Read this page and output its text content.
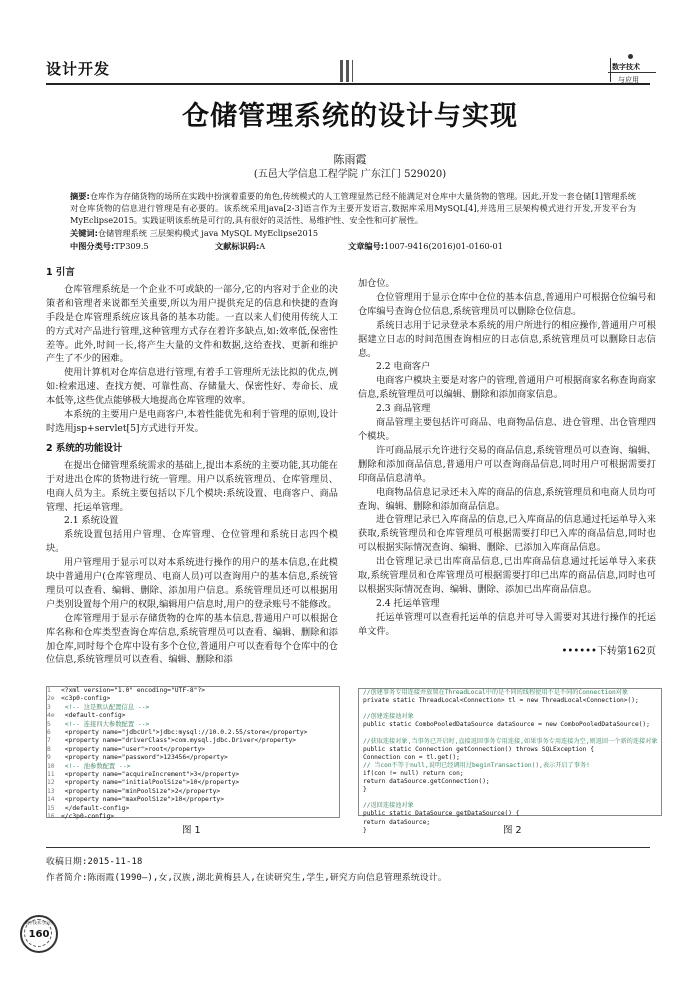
设计开发	数字技术
与应用
仓储管理系统的设计与实现
陈雨霞
(五邑大学信息工程学院 广东江门 529020)
摘要:仓库作为存储货物的场所在实践中扮演着重要的角色,传统模式的人工管理显然已经不能满足对仓库中大量货物的管理。因此,开发一套仓储[1]管理系统对仓库货物的信息进行管理是有必要的。该系统采用java[2-3]语言作为主要开发语言,数据库采用MySQL[4],并选用三层架构模式进行开发,开发平台为MyEclipse2015。实践证明该系统是可行的,具有很好的灵活性、易维护性、安全性和可扩展性。
关键词:仓储管理系统 三层架构模式 java MySQL MyEclipse2015
中图分类号:TP309.5	文献标识码:A	文章编号:1007-9416(2016)01-0160-01
1 引言

仓库管理系统是一个企业不可或缺的一部分,它的内容对于企业的决策者和管理者来说都至关重要,所以为用户提供充足的信息和快捷的查询手段是仓库管理系统应该具备的基本功能。一直以来人们使用传统人工的方式对产品进行管理,这种管理方式存在着许多缺点,如:效率低,保密性差等。此外,时间一长,将产生大量的文件和数据,这给查找、更新和维护产生了不少的困难。

使用计算机对仓库信息进行管理,有着手工管理所无法比拟的优点,例如:检索迅速、查找方便、可靠性高、存储量大、保密性好、寿命长、成本低等,这些优点能够极大地提高仓库管理的效率。

本系统的主要用户是电商客户,本着性能优先和利于管理的原则,设计时选用jsp+servlet[5]方式进行开发。

2 系统的功能设计

在提出仓储管理系统需求的基础上,提出本系统的主要功能,其功能在于对进出仓库的货物进行统一管理。用户以系统管理员、仓库管理员、电商人员为主。系统主要包括以下几个模块:系统设置、电商客户、商品管理、托运单管理。

2.1 系统设置

系统设置包括用户管理、仓库管理、仓位管理和系统日志四个模块。

用户管理用于显示可以对本系统进行操作的用户的基本信息,在此模块中普通用户(仓库管理员、电商人员)可以查询用户的基本信息,系统管理员可以查看、编辑、删除、添加用户信息。系统管理员还可以根据用户类别设置每个用户的权限,编辑用户信息时,用户的登录账号不能修改。

仓库管理用于显示存储货物的仓库的基本信息,普通用户可以根据仓库名称和仓库类型查询仓库信息,系统管理员可以查看、编辑、删除和添加仓库,同时每个仓库中设有多个仓位,普通用户可以查看每个仓库中的仓位信息,系统管理员可以查看、编辑、删除和添

加仓位。

仓位管理用于显示仓库中仓位的基本信息,普通用户可根据仓位编号和仓库编号查询仓位信息,系统管理员可以删除仓位信息。

系统日志用于记录登录本系统的用户所进行的相应操作,普通用户可根据建立日志的时间范围查询相应的日志信息,系统管理员可以删除日志信息。

2.2 电商客户

电商客户模块主要是对客户的管理,普通用户可根据商家名称查询商家信息,系统管理员可以编辑、删除和添加商家信息。

2.3 商品管理

商品管理主要包括许可商品、电商物品信息、进仓管理、出仓管理四个模块。

许可商品展示允许进行交易的商品信息,系统管理员可以查询、编辑、删除和添加商品信息,普通用户可以查询商品信息,同时用户可根据需要打印商品信息清单。

电商物品信息记录还未入库的商品的信息,系统管理员和电商人员均可查询、编辑、删除和添加商品信息。

进仓管理记录已入库商品的信息,已入库商品的信息通过托运单导入来获取,系统管理员和仓库管理员可根据需要打印已入库的商品信息,同时也可以根据实际情况查询、编辑、删除、已添加入库商品信息。

出仓管理记录已出库商品信息,已出库商品信息通过托运单导入来获取,系统管理员和仓库管理员可根据需要打印已出库的商品信息,同时也可以根据实际情况查询、编辑、删除、添加已出库商品信息。

2.4 托运单管理

托运单管理可以查看托运单的信息并可导入需要对其进行操作的托运单文件。

••••••下转第162页
1 <?xml version="1.0" encoding="UTF-8"?>
2⊖ <c3p0-config>
3 <!-- 这是默认配置信息 -->
4⊖ <default-config>
5 <!-- 连接四大参数配置 -->
6 <property name="jdbcUrl">jdbc:mysql://10.0.2.55/store</property>
7 <property name="driverClass">com.mysql.jdbc.Driver</property>
8 <property name="user">root</property>
9 <property name="password">123456</property>
10 <!-- 池参数配置 -->
11 <property name="acquireIncrement">3</property>
12 <property name="initialPoolSize">10</property>
13 <property name="minPoolSize">2</property>
14 <property name="maxPoolSize">10</property>
15 </default-config>
16 </c3p0-config>
图 1
//创建事务专用连接并放置在ThreadLocal中的是不同的线程使用不是不同的Connection对象
private static ThreadLocal<Connection> tl = new ThreadLocal<Connection>();

//创建连接池对象
public static ComboPooledDataSource dataSource = new ComboPooledDataSource();

//获取连接对象,当事务已开启时,直接返回事务专用连接,如果事务专用连接为空,则返回一个新的连接对象
public static Connection getConnection() throws SQLException {
Connection con = tl.get();
// 当con不等于null,说明已经调用过beginTransaction(),表示开启了事务!
if(con != null) return con;
return dataSource.getConnection();
}

//返回连接池对象
public static DataSource getDataSource() {
return dataSource;
}	图 2
收稿日期:2015-11-18
作者简介:陈雨霞(1990—),女,汉族,湖北黄梅县人,在读研究生,学生,研究方向信息管理系统设计。
数字技术与应用
160
